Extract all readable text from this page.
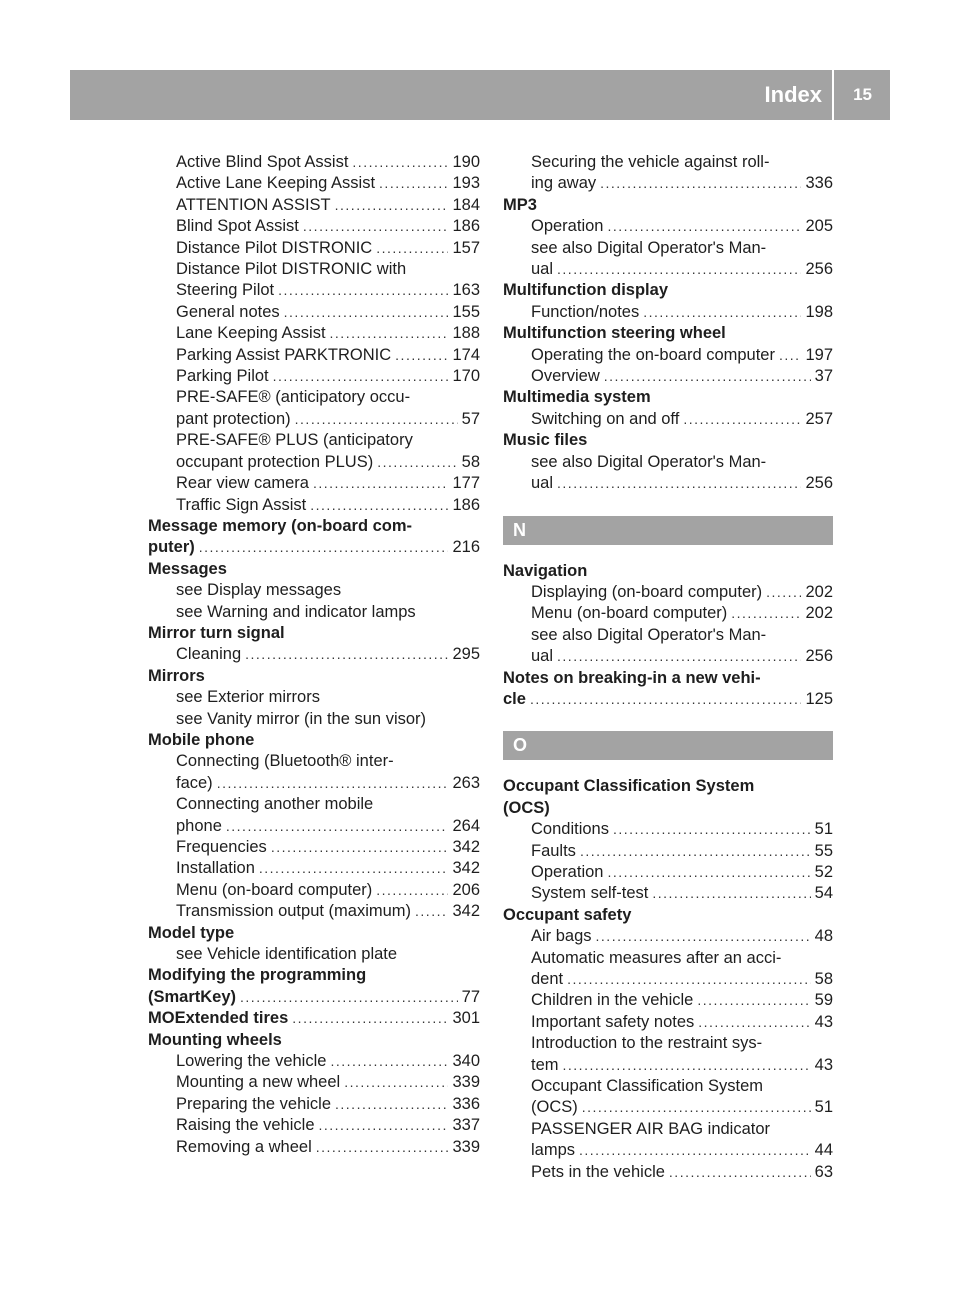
Index 15
Active Blind Spot Assist .....	190
Active Lane Keeping Assist .....	193
ATTENTION ASSIST .....	184
Blind Spot Assist .....	186
Distance Pilot DISTRONIC .....	157
Distance Pilot DISTRONIC with
Steering Pilot .....	163
General notes .....	155
Lane Keeping Assist .....	188
Parking Assist PARKTRONIC .....	174
Parking Pilot .....	170
PRE-SAFE® (anticipatory occu-
pant protection) .....	57
PRE-SAFE® PLUS (anticipatory
occupant protection PLUS) .....	58
Rear view camera .....	177
Traffic Sign Assist .....	186
Message memory (on-board com-
puter) .....	216
Messages
see Display messages
see Warning and indicator lamps
Mirror turn signal
Cleaning .....	295
Mirrors
see Exterior mirrors
see Vanity mirror (in the sun visor)
Mobile phone
Connecting (Bluetooth® inter-
face) .....	263
Connecting another mobile
phone .....	264
Frequencies .....	342
Installation .....	342
Menu (on-board computer) .....	206
Transmission output (maximum) .....	342
Model type
see Vehicle identification plate
Modifying the programming
(SmartKey) .....	77
MOExtended tires .....	301
Mounting wheels
Lowering the vehicle .....	340
Mounting a new wheel .....	339
Preparing the vehicle .....	336
Raising the vehicle .....	337
Removing a wheel .....	339
Securing the vehicle against roll-
ing away .....	336
MP3
Operation .....	205
see also Digital Operator's Man-
ual .....	256
Multifunction display
Function/notes .....	198
Multifunction steering wheel
Operating the on-board computer ..... 197
Overview .....	37
Multimedia system
Switching on and off .....	257
Music files
see also Digital Operator's Man-
ual .....	256
N
Navigation
Displaying (on-board computer) .....	202
Menu (on-board computer) .....	202
see also Digital Operator's Man-
ual .....	256
Notes on breaking-in a new vehi-
cle .....	125
O
Occupant Classification System
(OCS)
Conditions .....	51
Faults .....	55
Operation .....	52
System self-test .....	54
Occupant safety
Air bags .....	48
Automatic measures after an acci-
dent .....	58
Children in the vehicle .....	59
Important safety notes .....	43
Introduction to the restraint sys-
tem .....	43
Occupant Classification System
(OCS) .....	51
PASSENGER AIR BAG indicator
lamps .....	44
Pets in the vehicle .....	63
